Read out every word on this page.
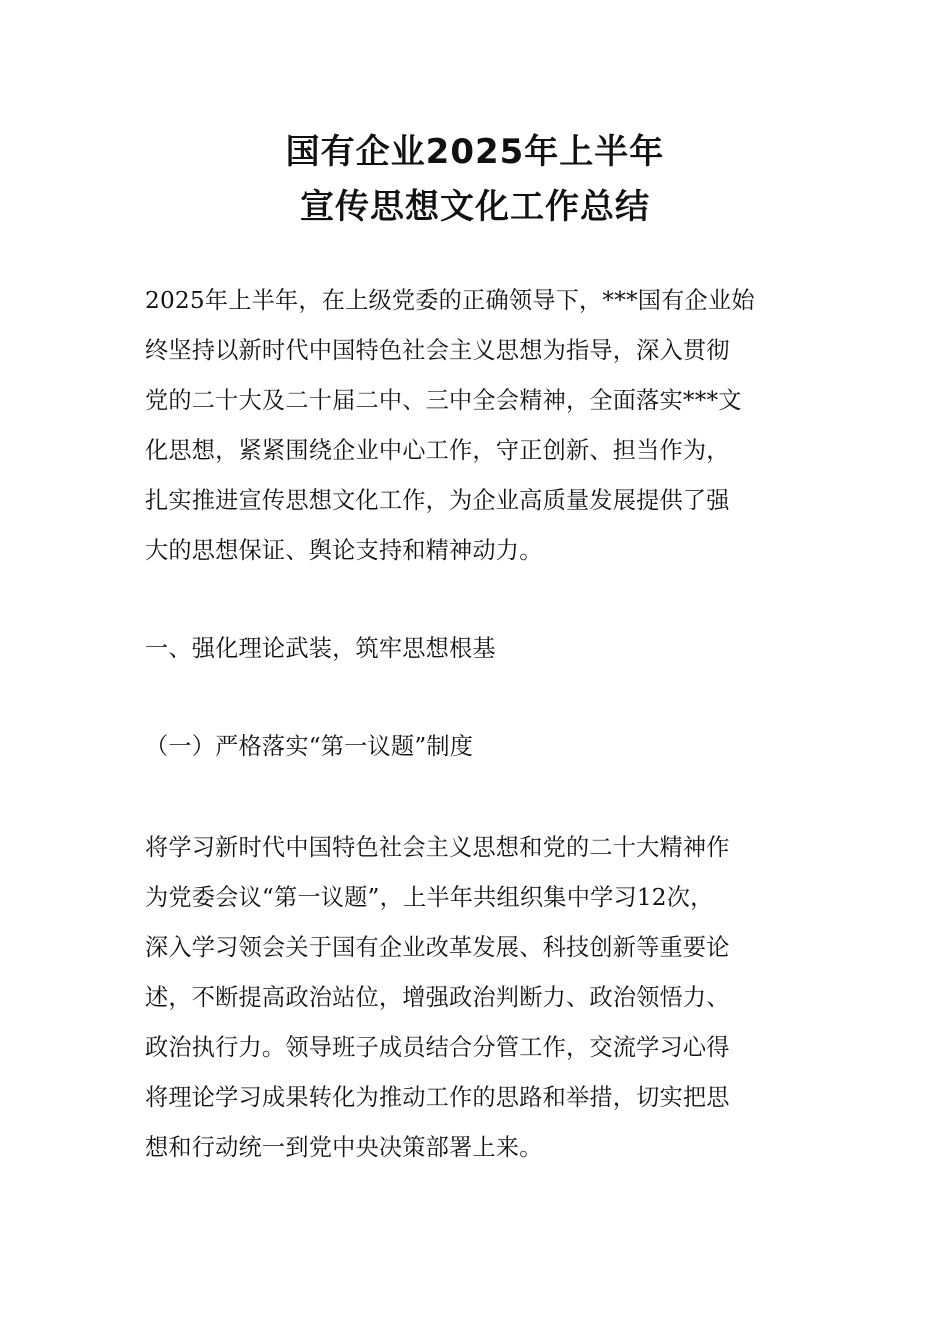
国有企业2025年上半年
宣传思想文化工作总结
2025年上半年，在上级党委的正确领导下，***国有企业始
终坚持以新时代中国特色社会主义思想为指导，深入贯彻
党的二十大及二十届二中、三中全会精神，全面落实***文
化思想，紧紧围绕企业中心工作，守正创新、担当作为，
扎实推进宣传思想文化工作，为企业高质量发展提供了强
大的思想保证、舆论支持和精神动力。
一、强化理论武装，筑牢思想根基
（一）严格落实“第一议题”制度
将学习新时代中国特色社会主义思想和党的二十大精神作
为党委会议“第一议题”，上半年共组织集中学习12次，
深入学习领会关于国有企业改革发展、科技创新等重要论
述，不断提高政治站位，增强政治判断力、政治领悟力、
政治执行力。领导班子成员结合分管工作，交流学习心得
将理论学习成果转化为推动工作的思路和举措，切实把思
想和行动统一到党中央决策部署上来。
